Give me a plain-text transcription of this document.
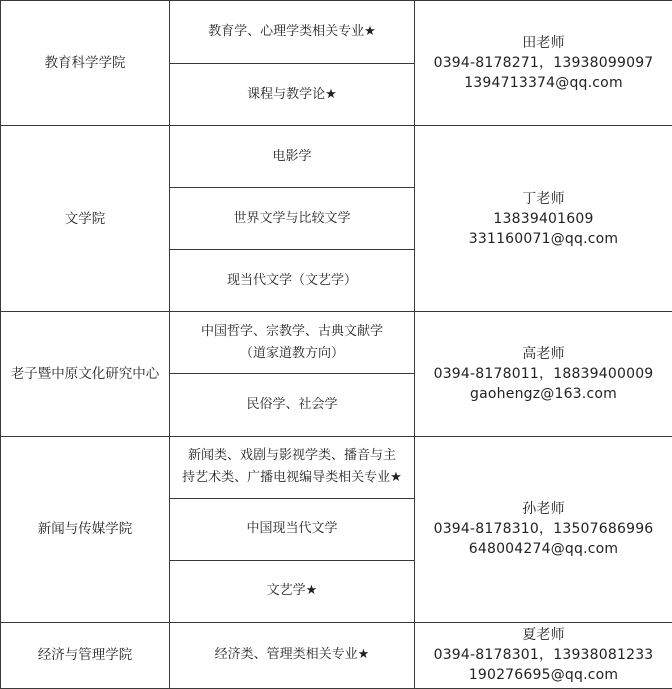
教育科学学院	教育学、心理学类相关专业★	田老师
0394-8178271，13938099097
1394713374@qq.com

	课程与教学论★	

文学院	电影学	丁老师
13839401609
331160071@qq.com

	世界文学与比较文学	

	现当代文学（文艺学）	

老子暨中原文化研究中心	中国哲学、宗教学、古典文献学
（道家道教方向）	高老师
0394-8178011，18839400009
gaohengz@163.com

	民俗学、社会学	

新闻与传媒学院	新闻类、戏剧与影视学类、播音与主
持艺术类、广播电视编导类相关专业★	孙老师
0394-8178310，13507686996
648004274@qq.com

	中国现当代文学	

	文艺学★	

经济与管理学院	经济类、管理类相关专业★	夏老师
0394-8178301，13938081233
190276695@qq.com
